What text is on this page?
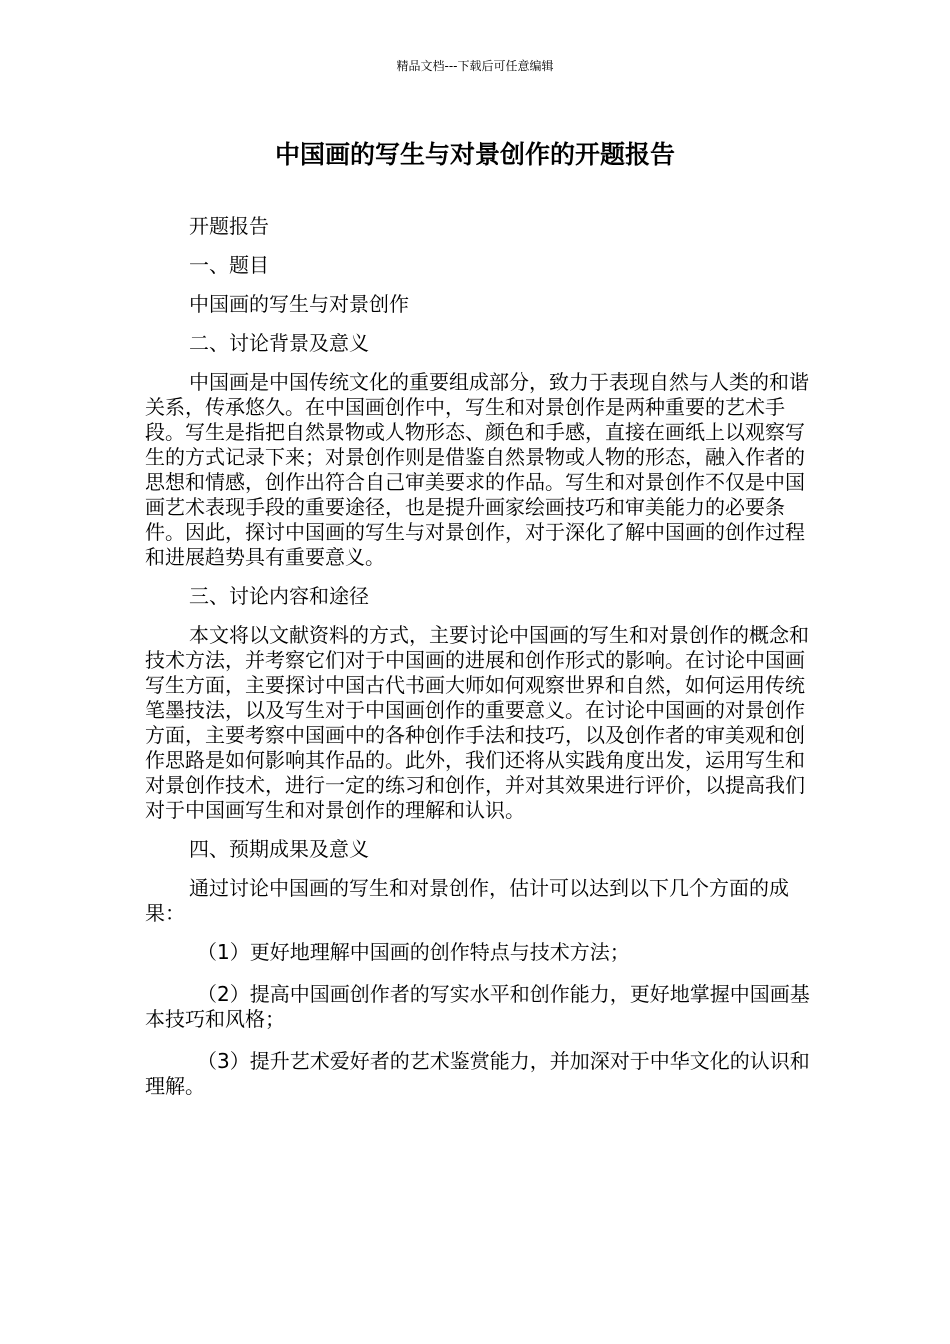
精品文档---下载后可任意编辑
中国画的写生与对景创作的开题报告

开题报告

一、题目

中国画的写生与对景创作

二、讨论背景及意义

中国画是中国传统文化的重要组成部分，致力于表现自然与人类的和谐关系，传承悠久。在中国画创作中，写生和对景创作是两种重要的艺术手段。写生是指把自然景物或人物形态、颜色和手感，直接在画纸上以观察写生的方式记录下来；对景创作则是借鉴自然景物或人物的形态，融入作者的思想和情感，创作出符合自己审美要求的作品。写生和对景创作不仅是中国画艺术表现手段的重要途径，也是提升画家绘画技巧和审美能力的必要条件。因此，探讨中国画的写生与对景创作，对于深化了解中国画的创作过程和进展趋势具有重要意义。

三、讨论内容和途径

本文将以文献资料的方式，主要讨论中国画的写生和对景创作的概念和技术方法，并考察它们对于中国画的进展和创作形式的影响。在讨论中国画写生方面，主要探讨中国古代书画大师如何观察世界和自然，如何运用传统笔墨技法，以及写生对于中国画创作的重要意义。在讨论中国画的对景创作方面，主要考察中国画中的各种创作手法和技巧，以及创作者的审美观和创作思路是如何影响其作品的。此外，我们还将从实践角度出发，运用写生和对景创作技术，进行一定的练习和创作，并对其效果进行评价，以提高我们对于中国画写生和对景创作的理解和认识。

四、预期成果及意义

通过讨论中国画的写生和对景创作，估计可以达到以下几个方面的成果：

（1）更好地理解中国画的创作特点与技术方法；

（2）提高中国画创作者的写实水平和创作能力，更好地掌握中国画基本技巧和风格；

（3）提升艺术爱好者的艺术鉴赏能力，并加深对于中华文化的认识和理解。
